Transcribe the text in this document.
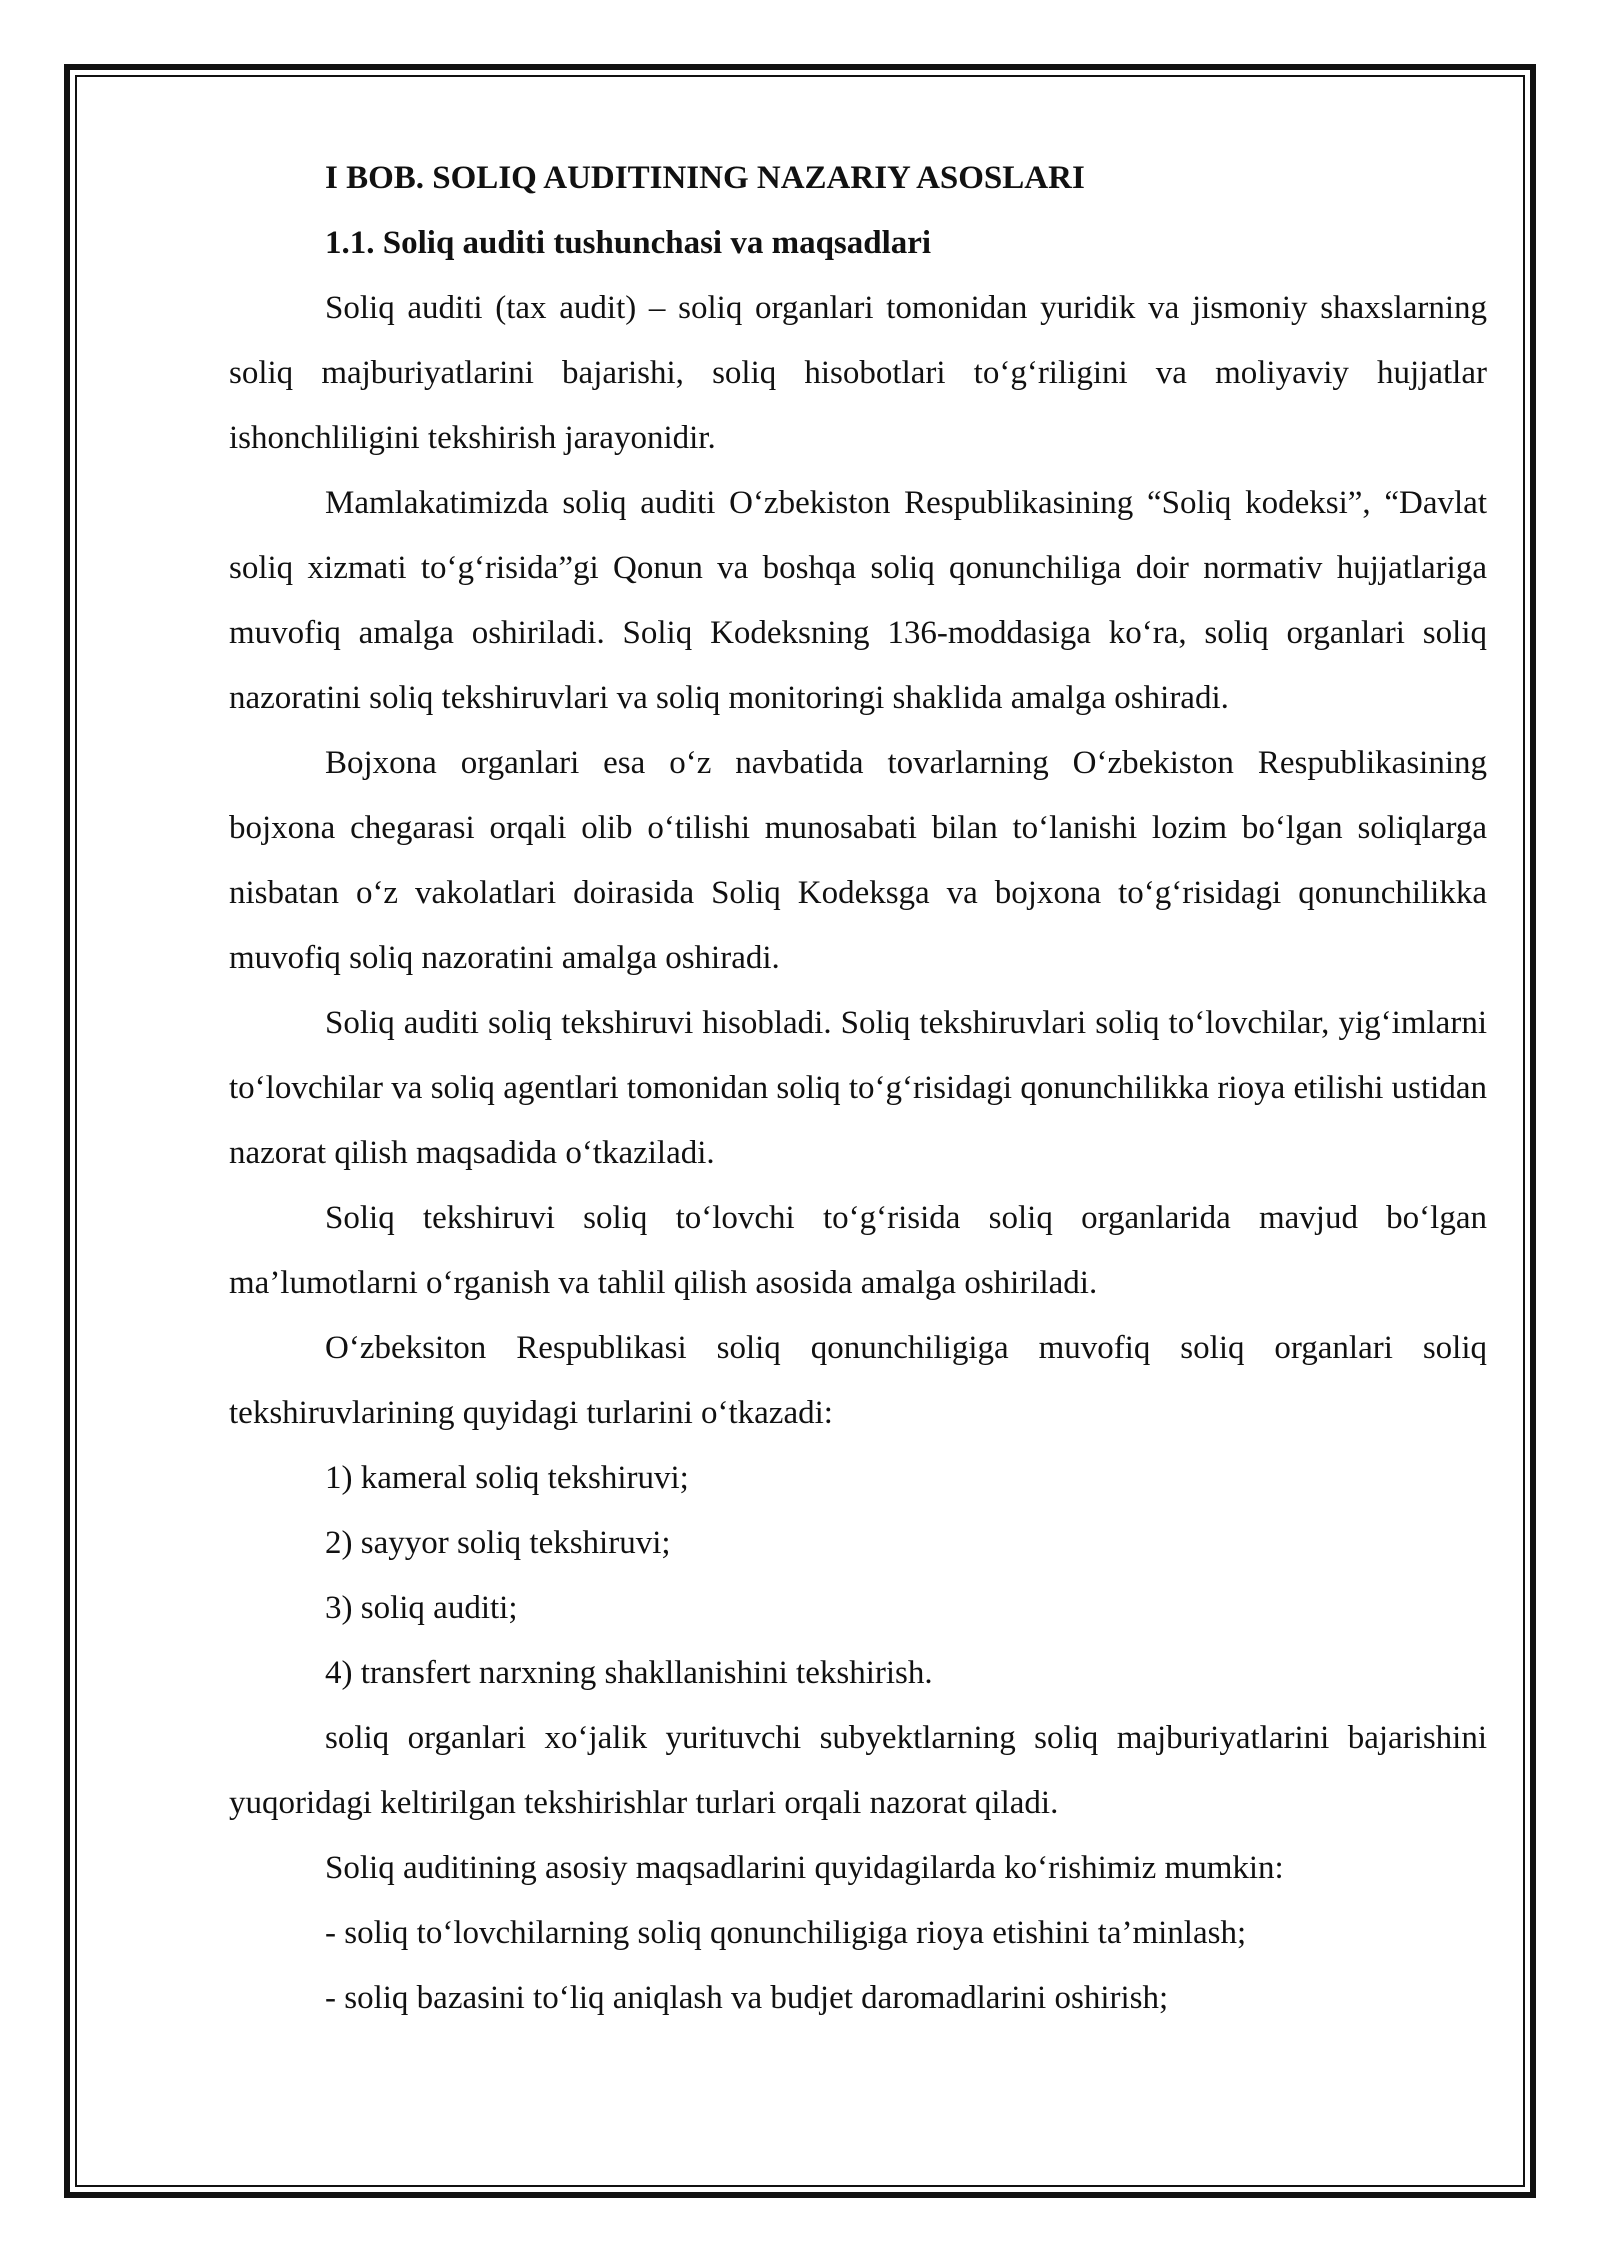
I BOB. SOLIQ AUDITINING NAZARIY ASOSLARI

1.1. Soliq auditi tushunchasi va maqsadlari

Soliq auditi (tax audit) – soliq organlari tomonidan yuridik va jismoniy shaxslarning soliq majburiyatlarini bajarishi, soliq hisobotlari to‘g‘riligini va moliyaviy hujjatlar ishonchliligini tekshirish jarayonidir.

Mamlakatimizda soliq auditi O‘zbekiston Respublikasining “Soliq kodeksi”, “Davlat soliq xizmati to‘g‘risida”gi Qonun va boshqa soliq qonunchiliga doir normativ hujjatlariga muvofiq amalga oshiriladi. Soliq Kodeksning 136-moddasiga ko‘ra, soliq organlari soliq nazoratini soliq tekshiruvlari va soliq monitoringi shaklida amalga oshiradi.

Bojxona organlari esa o‘z navbatida tovarlarning O‘zbekiston Respublikasining bojxona chegarasi orqali olib o‘tilishi munosabati bilan to‘lanishi lozim bo‘lgan soliqlarga nisbatan o‘z vakolatlari doirasida Soliq Kodeksga va bojxona to‘g‘risidagi qonunchilikka muvofiq soliq nazoratini amalga oshiradi.

Soliq auditi soliq tekshiruvi hisobladi. Soliq tekshiruvlari soliq to‘lovchilar, yig‘imlarni to‘lovchilar va soliq agentlari tomonidan soliq to‘g‘risidagi qonunchilikka rioya etilishi ustidan nazorat qilish maqsadida o‘tkaziladi.

Soliq tekshiruvi soliq to‘lovchi to‘g‘risida soliq organlarida mavjud bo‘lgan ma’lumotlarni o‘rganish va tahlil qilish asosida amalga oshiriladi.

O‘zbeksiton Respublikasi soliq qonunchiligiga muvofiq soliq organlari soliq tekshiruvlarining quyidagi turlarini o‘tkazadi:

1) kameral soliq tekshiruvi;

2) sayyor soliq tekshiruvi;

3) soliq auditi;

4) transfert narxning shakllanishini tekshirish.

soliq organlari xo‘jalik yurituvchi subyektlarning soliq majburiyatlarini bajarishini yuqoridagi keltirilgan tekshirishlar turlari orqali nazorat qiladi.

Soliq auditining asosiy maqsadlarini quyidagilarda ko‘rishimiz mumkin:

- soliq to‘lovchilarning soliq qonunchiligiga rioya etishini ta’minlash;

- soliq bazasini to‘liq aniqlash va budjet daromadlarini oshirish;
